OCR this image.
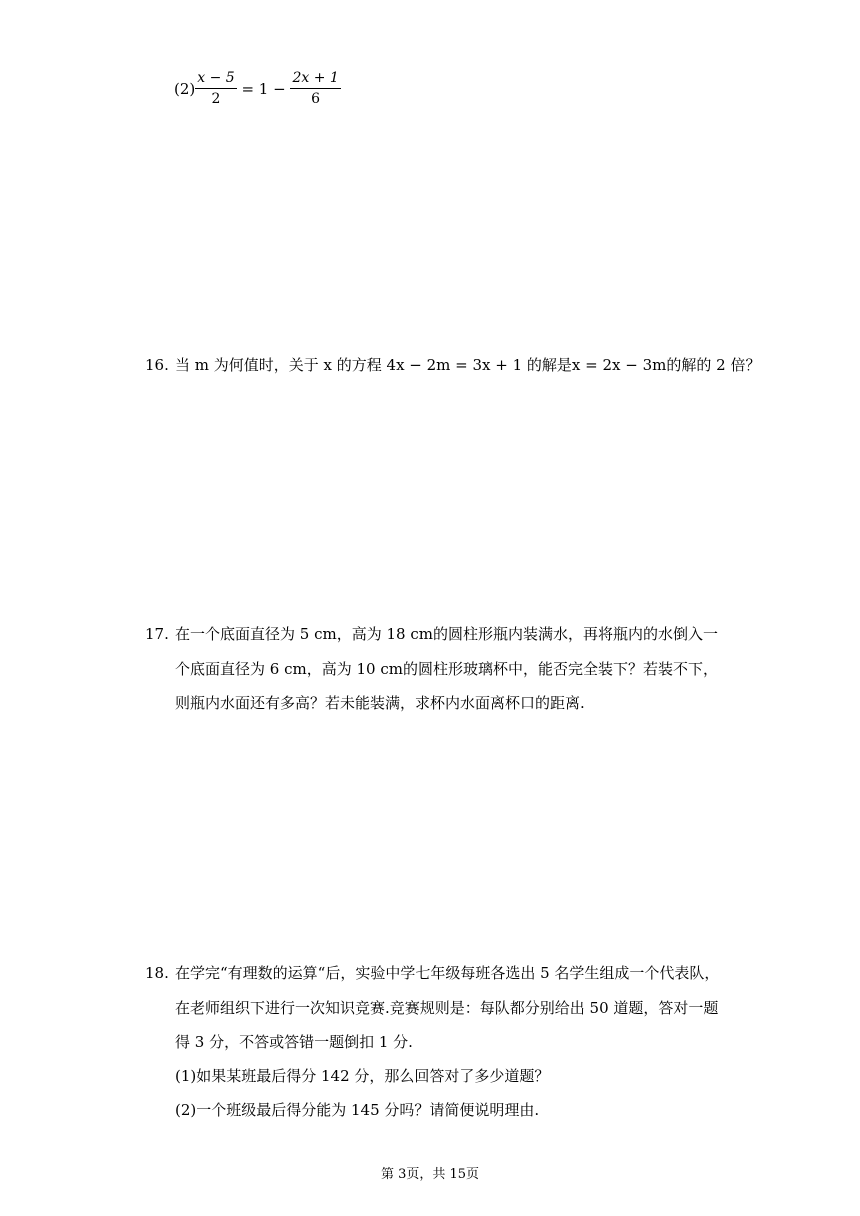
$(2) \frac{x - 5}{2} = 1 - \frac{2x + 1}{6}$
16. 当 m 为何值时，关于 x 的方程 4x − 2m = 3x + 1 的解是x = 2x − 3m的解的 2 倍？
17. 在一个底面直径为 5 cm，高为 18 cm的圆柱形瓶内装满水，再将瓶内的水倒入一
个底面直径为 6 cm，高为 10 cm的圆柱形玻璃杯中，能否完全装下？若装不下，
则瓶内水面还有多高？若未能装满，求杯内水面离杯口的距离.
18. 在学完“有理数的运算“后，实验中学七年级每班各选出 5 名学生组成一个代表队，
在老师组织下进行一次知识竞赛.竞赛规则是：每队都分别给出 50 道题，答对一题
得 3 分，不答或答错一题倒扣 1 分.
(1)如果某班最后得分 142 分，那么回答对了多少道题？
(2)一个班级最后得分能为 145 分吗？请简便说明理由.
第 3页，共 15页
